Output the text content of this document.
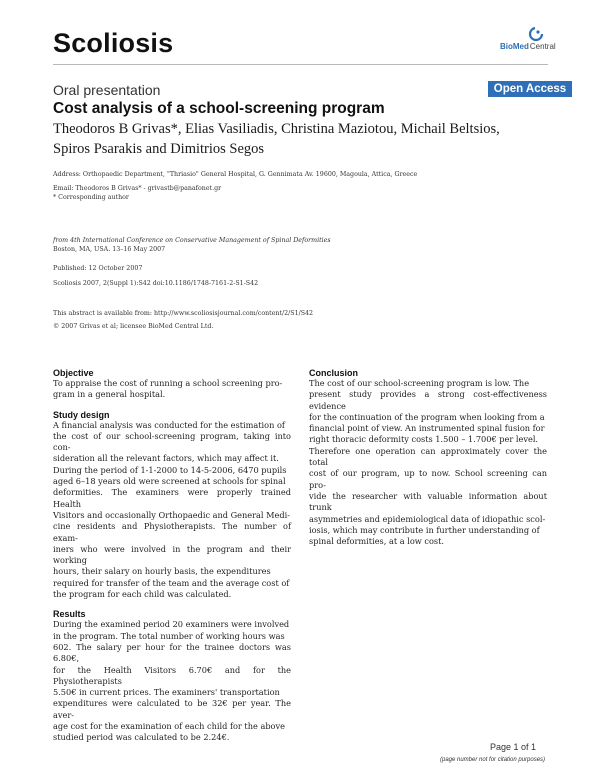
Scoliosis	BioMedCentral
Oral presentation	Open Access
Cost analysis of a school-screening program
Theodoros B Grivas*, Elias Vasiliadis, Christina Maziotou, Michail Beltsios,
Spiros Psarakis and Dimitrios Segos
Address: Orthopaedic Department, "Thriasio" General Hospital, G. Gennimata Av. 19600, Magoula, Attica, Greece
Email: Theodoros B Grivas* - grivastb@panafonet.gr
* Corresponding author
from 4th International Conference on Conservative Management of Spinal Deformities
Boston, MA, USA. 13–16 May 2007
Published: 12 October 2007
Scoliosis 2007, 2(Suppl 1):S42 doi:10.1186/1748-7161-2-S1-S42
This abstract is available from: http://www.scoliosisjournal.com/content/2/S1/S42
© 2007 Grivas et al; licensee BioMed Central Ltd.
Objective
To appraise the cost of running a school screening pro-
gram in a general hospital.
Study design
A financial analysis was conducted for the estimation of
the cost of our school-screening program, taking into con-
sideration all the relevant factors, which may affect it.
During the period of 1-1-2000 to 14-5-2006, 6470 pupils
aged 6–18 years old were screened at schools for spinal
deformities. The examiners were properly trained Health
Visitors and occasionally Orthopaedic and General Medi-
cine residents and Physiotherapists. The number of exam-
iners who were involved in the program and their working
hours, their salary on hourly basis, the expenditures
required for transfer of the team and the average cost of
the program for each child was calculated.
Results
During the examined period 20 examiners were involved
in the program. The total number of working hours was
602. The salary per hour for the trainee doctors was 6.80€,
for the Health Visitors 6.70€ and for the Physiotherapists
5.50€ in current prices. The examiners' transportation
expenditures were calculated to be 32€ per year. The aver-
age cost for the examination of each child for the above
studied period was calculated to be 2.24€.
Conclusion
The cost of our school-screening program is low. The
present study provides a strong cost-effectiveness evidence
for the continuation of the program when looking from a
financial point of view. An instrumented spinal fusion for
right thoracic deformity costs 1.500 – 1.700€ per level.
Therefore one operation can approximately cover the total
cost of our program, up to now. School screening can pro-
vide the researcher with valuable information about trunk
asymmetries and epidemiological data of idiopathic scol-
iosis, which may contribute in further understanding of
spinal deformities, at a low cost.
Page 1 of 1
(page number not for citation purposes)
